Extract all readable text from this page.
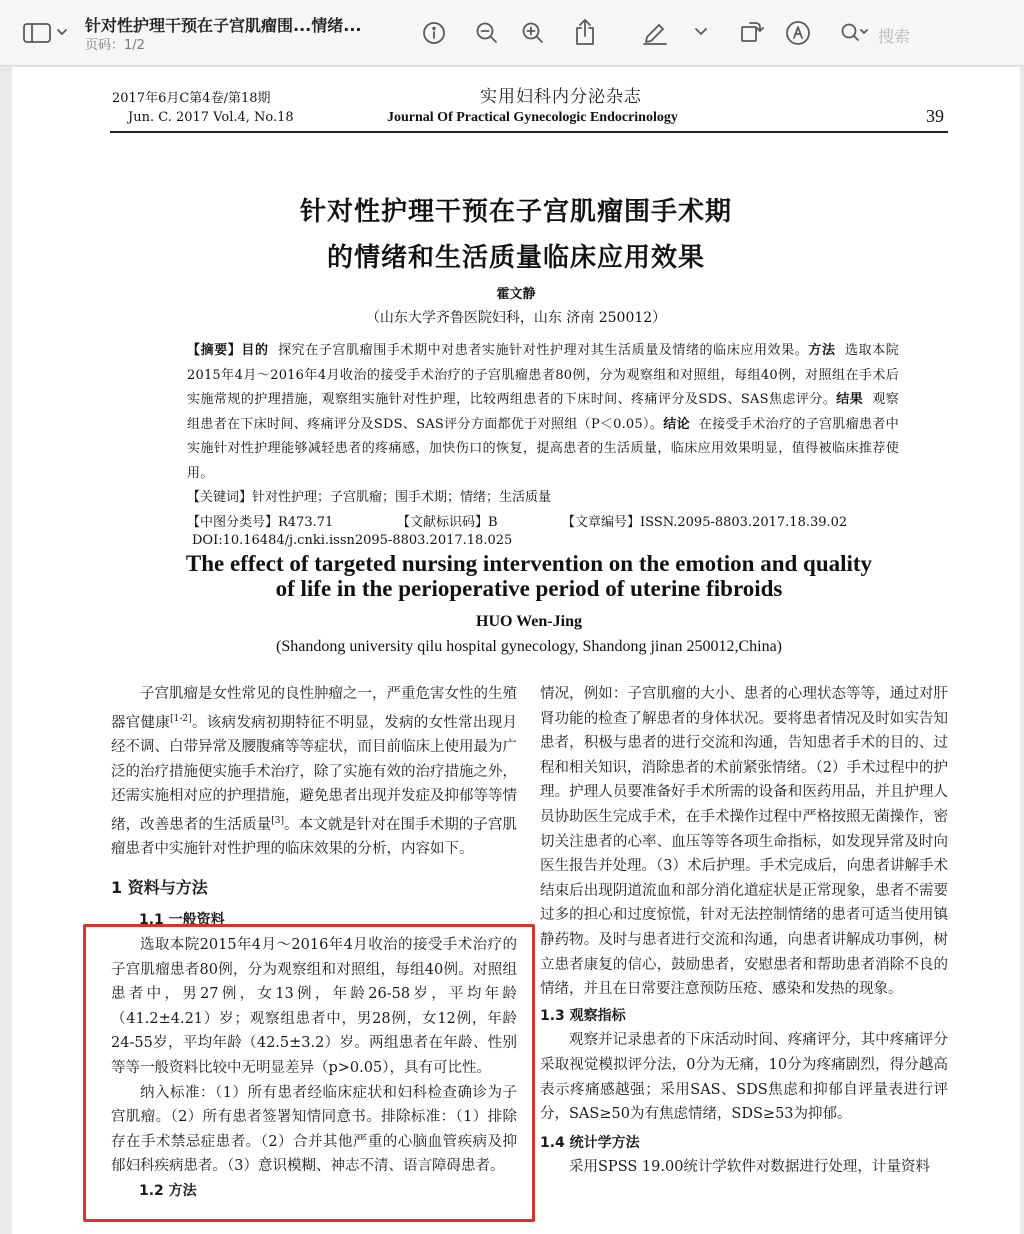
针对性护理干预在子宫肌瘤围...情绪...
页码：1/2	搜索
2017年6月C第4卷/第18期
Jun. C. 2017 Vol.4, No.18
实用妇科内分泌杂志
Journal Of Practical Gynecologic Endocrinology	39
针对性护理干预在子宫肌瘤围手术期
的情绪和生活质量临床应用效果
霍文静
（山东大学齐鲁医院妇科，山东 济南 250012）
【摘要】目的 探究在子宫肌瘤围手术期中对患者实施针对性护理对其生活质量及情绪的临床应用效果。方法 选取本院2015年4月～2016年4月收治的接受手术治疗的子宫肌瘤患者80例，分为观察组和对照组，每组40例，对照组在手术后实施常规的护理措施，观察组实施针对性护理，比较两组患者的下床时间、疼痛评分及SDS、SAS焦虑评分。结果 观察组患者在下床时间、疼痛评分及SDS、SAS评分方面都优于对照组（P＜0.05）。结论 在接受手术治疗的子宫肌瘤患者中实施针对性护理能够减轻患者的疼痛感，加快伤口的恢复，提高患者的生活质量，临床应用效果明显，值得被临床推荐使用。
【关键词】针对性护理；子宫肌瘤；围手术期；情绪；生活质量
【中图分类号】R473.71	【文献标识码】B	【文章编号】ISSN.2095-8803.2017.18.39.02
DOI:10.16484/j.cnki.issn2095-8803.2017.18.025
The effect of targeted nursing intervention on the emotion and quality
of life in the perioperative period of uterine fibroids
HUO Wen-Jing
(Shandong university qilu hospital gynecology, Shandong jinan 250012,China)

子宫肌瘤是女性常见的良性肿瘤之一，严重危害女性的生殖器官健康[1-2]。该病发病初期特征不明显，发病的女性常出现月经不调、白带异常及腰腹痛等等症状，而目前临床上使用最为广泛的治疗措施便实施手术治疗，除了实施有效的治疗措施之外，还需实施相对应的护理措施，避免患者出现并发症及抑郁等等情绪，改善患者的生活质量[3]。本文就是针对在围手术期的子宫肌瘤患者中实施针对性护理的临床效果的分析，内容如下。

1 资料与方法
1.1 一般资料

选取本院2015年4月～2016年4月收治的接受手术治疗的子宫肌瘤患者80例，分为观察组和对照组，每组40例。对照组患者中，男27例，女13例，年龄26-58岁，平均年龄（41.2±4.21）岁；观察组患者中，男28例，女12例，年龄24-55岁，平均年龄（42.5±3.2）岁。两组患者在年龄、性别等等一般资料比较中无明显差异（p>0.05），具有可比性。

纳入标准：（1）所有患者经临床症状和妇科检查确诊为子宫肌瘤。（2）所有患者签署知情同意书。排除标准：（1）排除存在手术禁忌症患者。（2）合并其他严重的心脑血管疾病及抑郁妇科疾病患者。（3）意识模糊、神志不清、语言障碍患者。

1.2 方法

情况，例如：子宫肌瘤的大小、患者的心理状态等等，通过对肝肾功能的检查了解患者的身体状况。要将患者情况及时如实告知患者，积极与患者的进行交流和沟通，告知患者手术的目的、过程和相关知识，消除患者的术前紧张情绪。（2）手术过程中的护理。护理人员要准备好手术所需的设备和医药用品，并且护理人员协助医生完成手术，在手术操作过程中严格按照无菌操作，密切关注患者的心率、血压等等各项生命指标，如发现异常及时向医生报告并处理。（3）术后护理。手术完成后，向患者讲解手术结束后出现阴道流血和部分消化道症状是正常现象，患者不需要过多的担心和过度惊慌，针对无法控制情绪的患者可适当使用镇静药物。及时与患者进行交流和沟通，向患者讲解成功事例，树立患者康复的信心，鼓励患者，安慰患者和帮助患者消除不良的情绪，并且在日常要注意预防压疮、感染和发热的现象。

1.3 观察指标

观察并记录患者的下床活动时间、疼痛评分，其中疼痛评分采取视觉模拟评分法，0分为无痛，10分为疼痛剧烈，得分越高表示疼痛感越强；采用SAS、SDS焦虑和抑郁自评量表进行评分，SAS≥50为有焦虑情绪，SDS≥53为抑郁。

1.4 统计学方法

采用SPSS 19.00统计学软件对数据进行处理，计量资料
